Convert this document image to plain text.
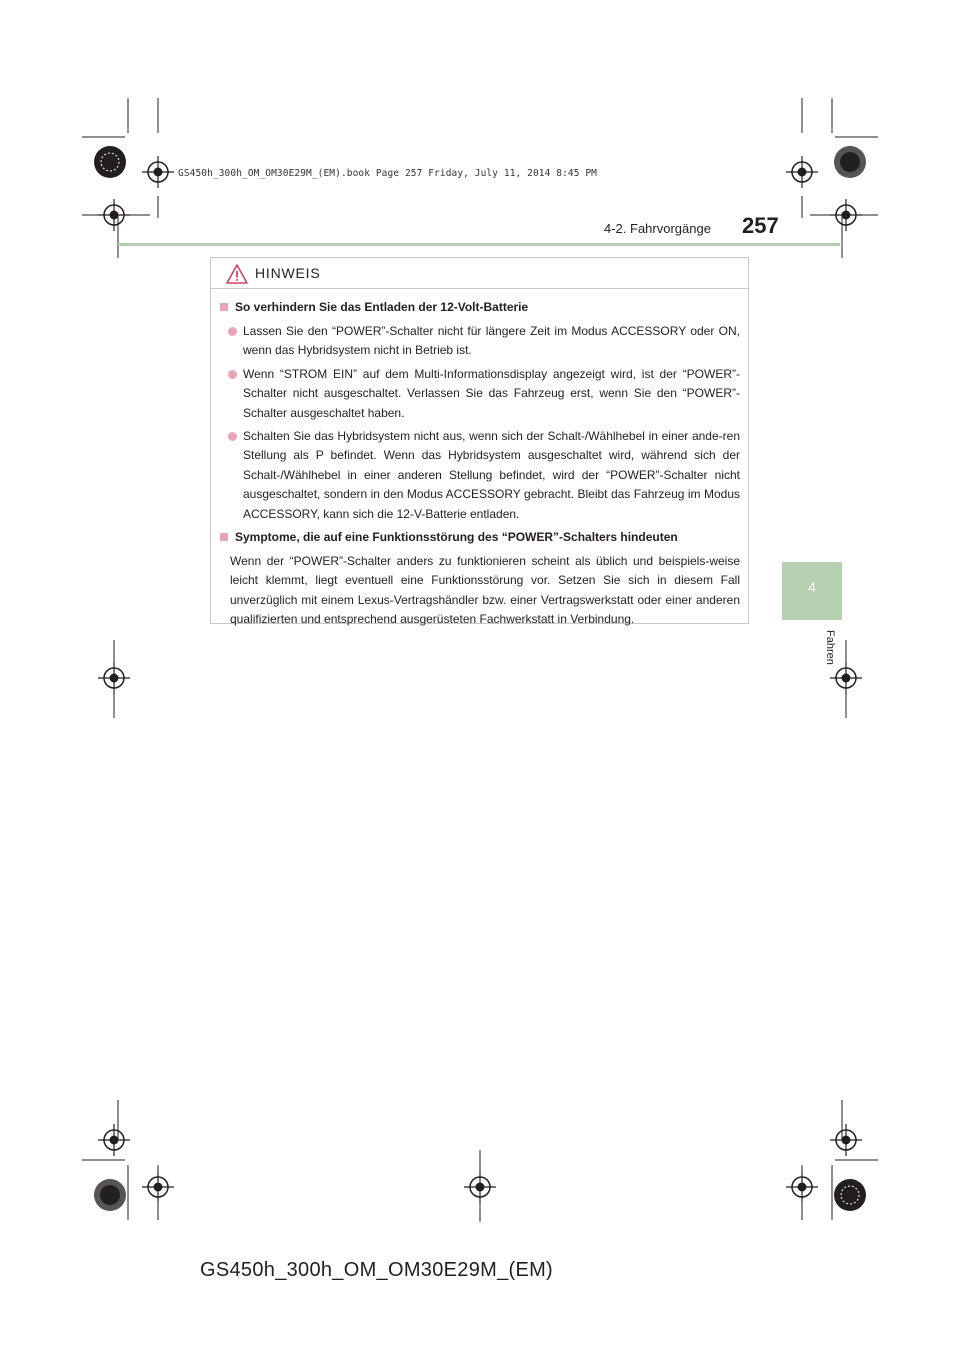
GS450h_300h_OM_OM30E29M_(EM).book Page 257 Friday, July 11, 2014 8:45 PM
4-2. Fahrvorgänge 257
4
Fahren
HINWEIS
So verhindern Sie das Entladen der 12-Volt-Batterie
Lassen Sie den “POWER”-Schalter nicht für längere Zeit im Modus ACCESSORY oder ON, wenn das Hybridsystem nicht in Betrieb ist.
Wenn “STROM EIN” auf dem Multi-Informationsdisplay angezeigt wird, ist der “POWER”-Schalter nicht ausgeschaltet. Verlassen Sie das Fahrzeug erst, wenn Sie den “POWER”-Schalter ausgeschaltet haben.
Schalten Sie das Hybridsystem nicht aus, wenn sich der Schalt-/Wählhebel in einer ande-ren Stellung als P befindet. Wenn das Hybridsystem ausgeschaltet wird, während sich der Schalt-/Wählhebel in einer anderen Stellung befindet, wird der “POWER”-Schalter nicht ausgeschaltet, sondern in den Modus ACCESSORY gebracht. Bleibt das Fahrzeug im Modus ACCESSORY, kann sich die 12-V-Batterie entladen.
Symptome, die auf eine Funktionsstörung des “POWER”-Schalters hindeuten
Wenn der “POWER”-Schalter anders zu funktionieren scheint als üblich und beispiels-weise leicht klemmt, liegt eventuell eine Funktionsstörung vor. Setzen Sie sich in diesem Fall unverzüglich mit einem Lexus-Vertragshändler bzw. einer Vertragswerkstatt oder einer anderen qualifizierten und entsprechend ausgerüsteten Fachwerkstatt in Verbindung.
GS450h_300h_OM_OM30E29M_(EM)
